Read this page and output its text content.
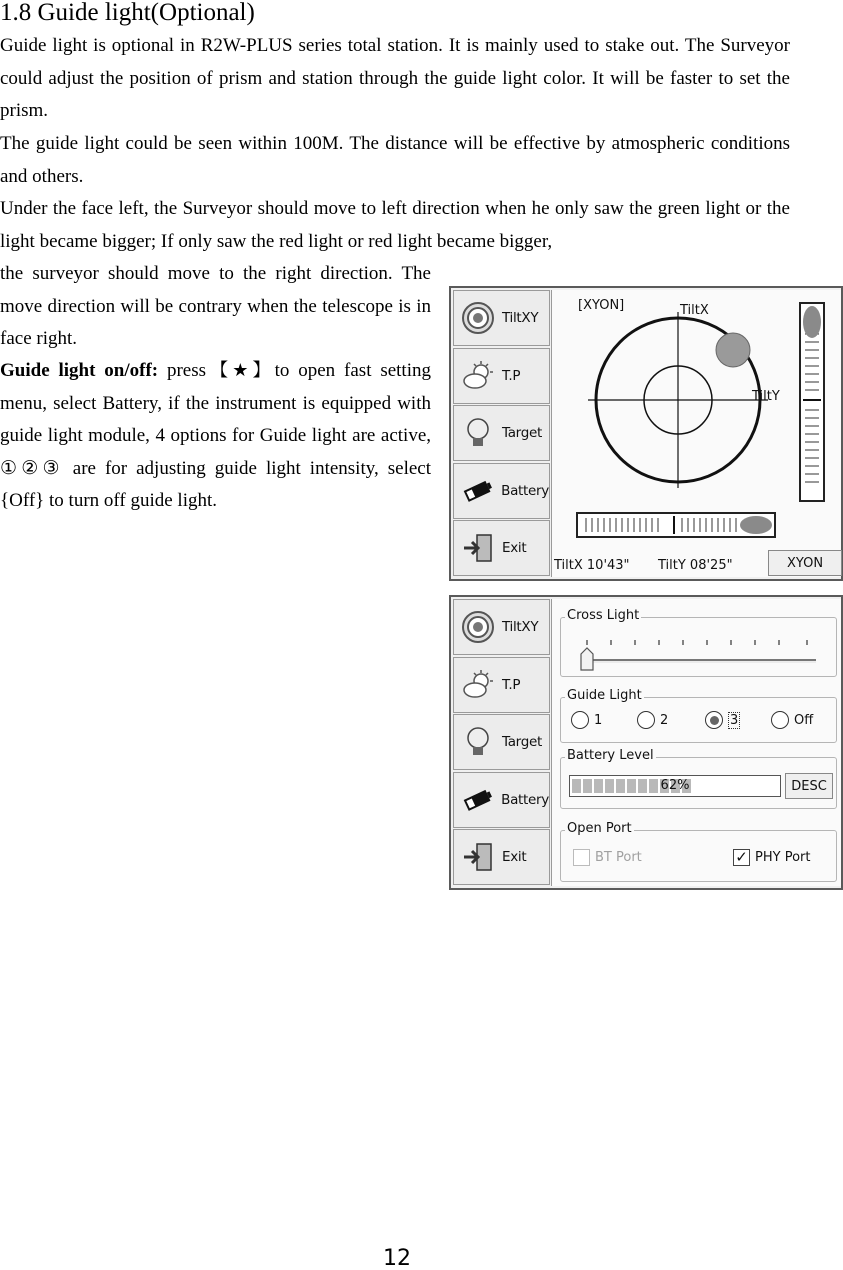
1.8 Guide light(Optional)

Guide light is optional in R2W-PLUS series total station. It is mainly used to stake out. The Surveyor could adjust the position of prism and station through the guide light color. It will be faster to set the prism.

The guide light could be seen within 100M. The distance will be effective by atmospheric conditions and others.

Under the face left, the Surveyor should move to left direction when he only saw the green light or the light became bigger; If only saw the red light or red light became bigger,
the surveyor should move to the right direction. The move direction will be contrary when the telescope is in face right.
Guide light on/off: press【★】to open fast setting menu, select Battery, if the instrument is equipped with guide light module, 4 options for Guide light are active, ①②③ are for adjusting guide light intensity, select {Off} to turn off guide light.
TiltXY
T.P
Target
Battery
Exit
[XYON]	TiltX
TiltY
TiltX 10'43" TiltY 08'25"	XYON
TiltXY
T.P
Target
Battery
Exit
Cross Light
Guide Light
1	2	3	Off
Battery Level
62%	DESC
Open Port
BT Port	✓ PHY Port
12
